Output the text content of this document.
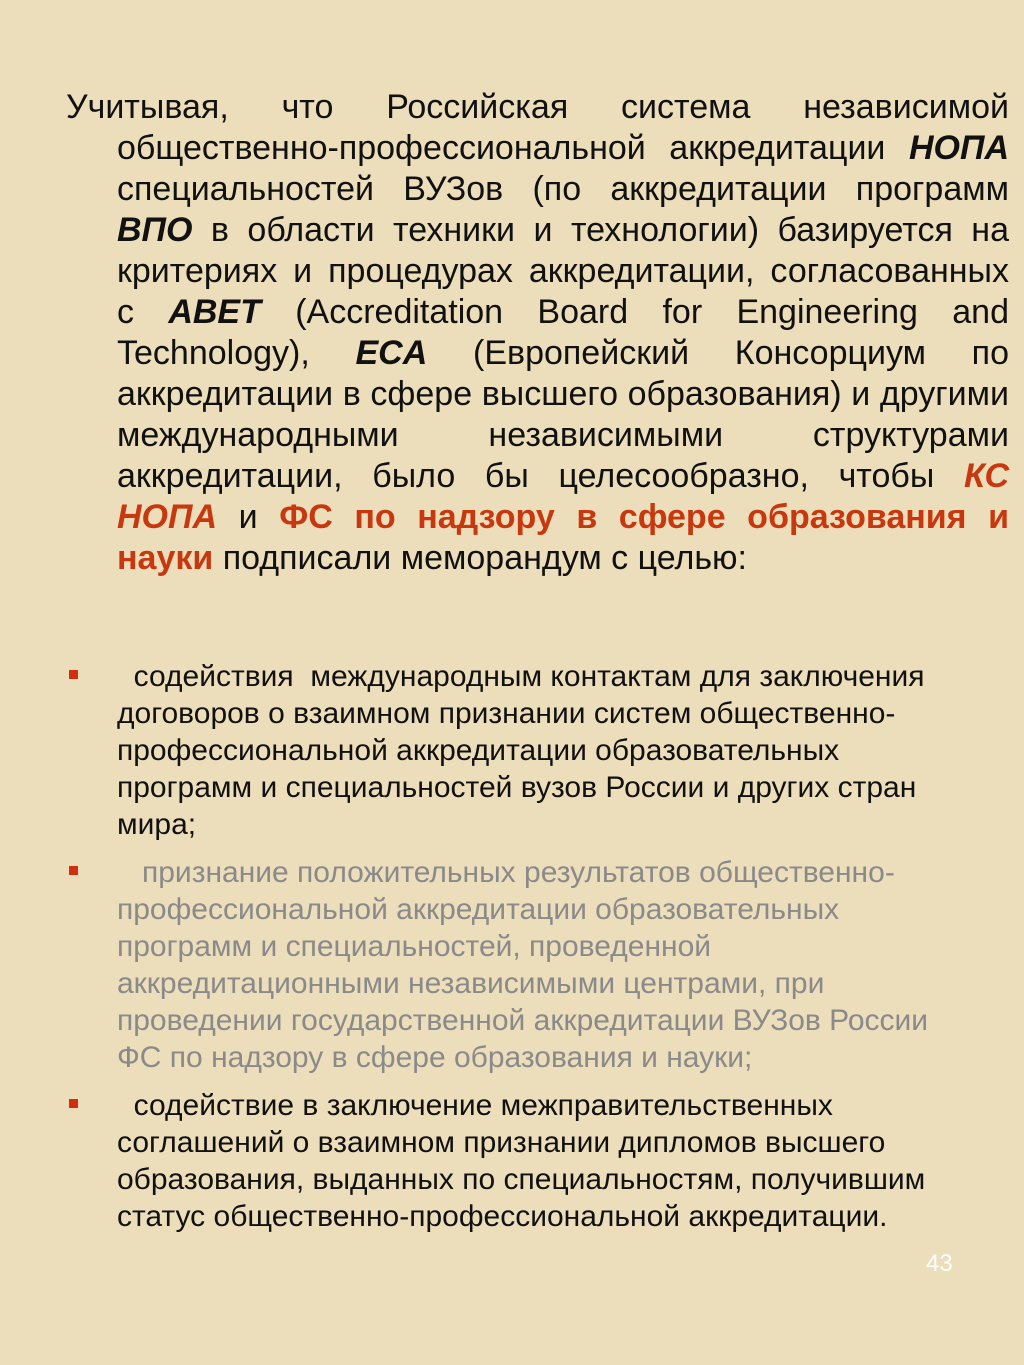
Учитывая, что Российская система независимой общественно-профессиональной аккредитации НОПА специальностей ВУЗов (по аккредитации программ ВПО в области техники и технологии) базируется на критериях и процедурах аккредитации, согласованных с ABET (Accreditation Board for Engineering and Technology), ECA (Европейский Консорциум по аккредитации в сфере высшего образования) и другими международными независимыми структурами аккредитации, было бы целесообразно, чтобы КС НОПА и ФС по надзору в сфере образования и науки подписали меморандум с целью:

содействия  международным контактам для заключения договоров о взаимном признании систем общественно-профессиональной аккредитации образовательных программ и специальностей вузов России и других стран мира;
признание положительных результатов общественно-профессиональной аккредитации образовательных программ и специальностей, проведенной аккредитационными независимыми центрами, при проведении государственной аккредитации ВУЗов России ФС по надзору в сфере образования и науки;
содействие в заключение межправительственных соглашений о взаимном признании дипломов высшего образования, выданных по специальностям, получившим статус общественно-профессиональной аккредитации.
43
